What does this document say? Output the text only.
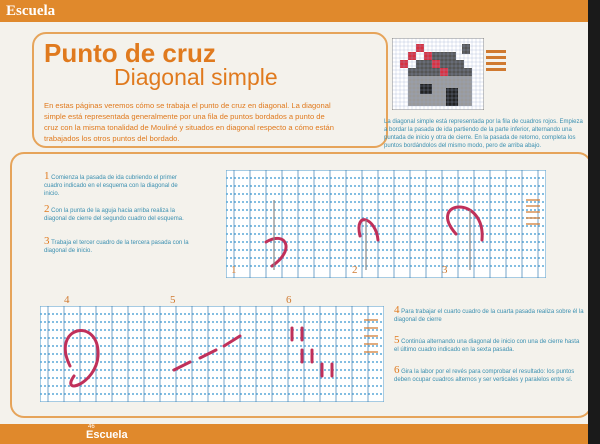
Escuela
Punto de cruz
Diagonal simple
En estas páginas veremos cómo se trabaja el punto de cruz en diagonal. La diagonal simple está representada generalmente por una fila de puntos bordados a punto de cruz con la misma tonalidad de Mouliné y situados en diagonal respecto a cómo están trabajados los otros puntos del bordado.
La diagonal simple está representada por la fila de cuadros rojos. Empieza a bordar la pasada de ida partiendo de la parte inferior, alternando una puntada de inicio y otra de cierre. En la pasada de retorno, completa los puntos bordándolos del mismo modo, pero de arriba abajo.
1 Comienza la pasada de ida cubriendo el primer cuadro indicado en el esquema con la diagonal de inicio.
2 Con la punta de la aguja hacia arriba realiza la diagonal de cierre del segundo cuadro del esquema.
3 Trabaja el tercer cuadro de la tercera pasada con la diagonal de inicio.
1	2	3
4	5	6
4 Para trabajar el cuarto cuadro de la cuarta pasada realiza sobre él la diagonal de cierre
5 Continúa alternando una diagonal de inicio con una de cierre hasta el último cuadro indicado en la sexta pasada.
6 Gira la labor por el revés para comprobar el resultado: los puntos deben ocupar cuadros alternos y ser verticales y paralelos entre sí.
46
Escuela
